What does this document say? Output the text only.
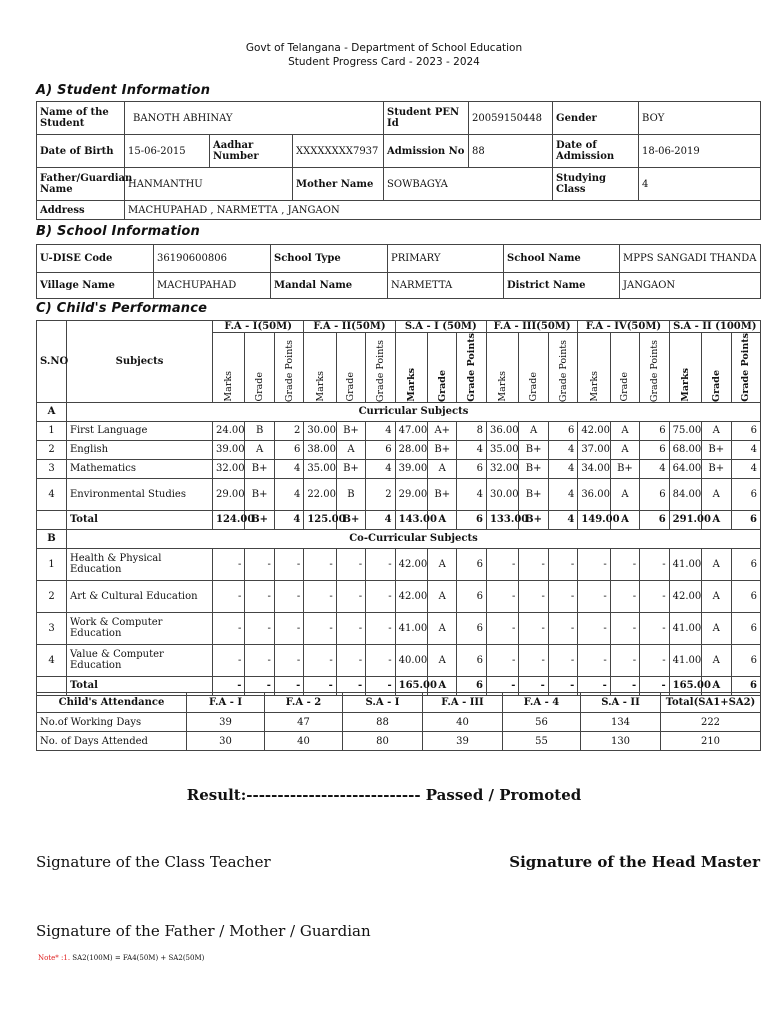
Govt of Telangana - Department of School Education
Student Progress Card - 2023 - 2024
A) Student Information
Name of the Student	BANOTH ABHINAY			Student PEN Id	20059150448	Gender	BOY
Date of Birth	15-06-2015	Aadhar Number	XXXXXXXX7937	Admission No	88	Date of Admission	18-06-2019
Father/Guardian Name	HANMANTHU		Mother Name	SOWBAGYA		Studying Class	4
Address	MACHUPAHAD , NARMETTA , JANGAON						
B) School Information
U-DISE Code	36190600806	School Type	PRIMARY	School Name	MPPS SANGADI THANDA
Village Name	MACHUPAHAD	Mandal Name	NARMETTA	District Name	JANGAON
C) Child's Performance
S.NO	Subjects	F.A - I(50M)			F.A - II(50M)			S.A - I (50M)			F.A - III(50M)			F.A - IV(50M)			S.A - II (100M)		

		Marks	Grade	Grade Points	Marks	Grade	Grade Points	Marks	Grade	Grade Points	Marks	Grade	Grade Points	Marks	Grade	Grade Points	Marks	Grade	Grade Points

A	Curricular Subjects																		
1	First Language	24.00	B	2	30.00	B+	4	47.00	A+	8	36.00	A	6	42.00	A	6	75.00	A	6
2	English	39.00	A	6	38.00	A	6	28.00	B+	4	35.00	B+	4	37.00	A	6	68.00	B+	4
3	Mathematics	32.00	B+	4	35.00	B+	4	39.00	A	6	32.00	B+	4	34.00	B+	4	64.00	B+	4
4	Environmental Studies	29.00	B+	4	22.00	B	2	29.00	B+	4	30.00	B+	4	36.00	A	6	84.00	A	6
	Total	124.00	B+	4	125.00	B+	4	143.00	A	6	133.00	B+	4	149.00	A	6	291.00	A	6
B	Co-Curricular Subjects																		
1	Health & Physical Education	-	-	-	-	-	-	42.00	A	6	-	-	-	-	-	-	41.00	A	6
2	Art & Cultural Education	-	-	-	-	-	-	42.00	A	6	-	-	-	-	-	-	42.00	A	6
3	Work & Computer Education	-	-	-	-	-	-	41.00	A	6	-	-	-	-	-	-	41.00	A	6
4	Value & Computer Education	-	-	-	-	-	-	40.00	A	6	-	-	-	-	-	-	41.00	A	6
	Total	-	-	-	-	-	-	165.00	A	6	-	-	-	-	-	-	165.00	A	6
Child's Attendance	F.A - I	F.A - 2	S.A - I	F.A - III	F.A - 4	S.A - II	Total(SA1+SA2)
No.of Working Days	39	47	88	40	56	134	222
No. of Days Attended	30	40	80	39	55	130	210
Result:---------------------------- Passed / Promoted
Signature of the Class Teacher	Signature of the Head Master
Signature of the Father / Mother / Guardian
Note* :1. SA2(100M) = FA4(50M) + SA2(50M)
